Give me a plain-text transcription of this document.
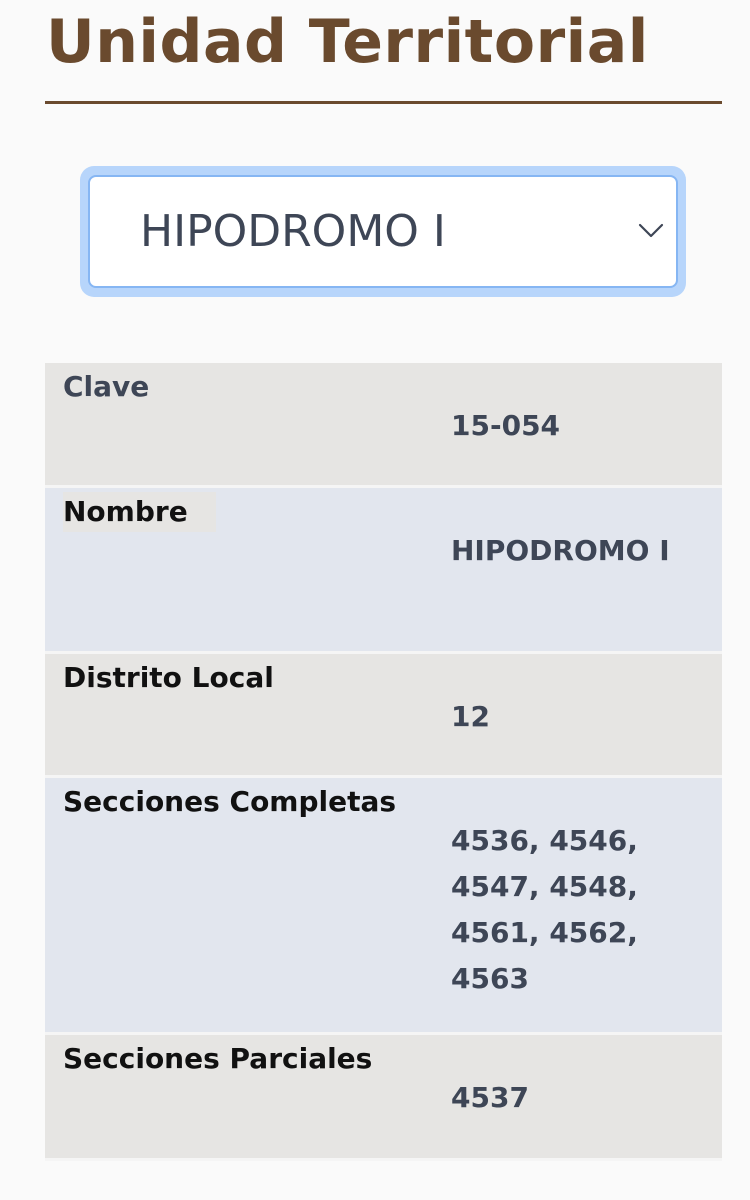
Unidad Territorial
HIPODROMO I
Clave
15-054
Nombre
HIPODROMO I
Distrito Local
12
Secciones Completas
4536, 4546, 4547, 4548, 4561, 4562, 4563
Secciones Parciales
4537
